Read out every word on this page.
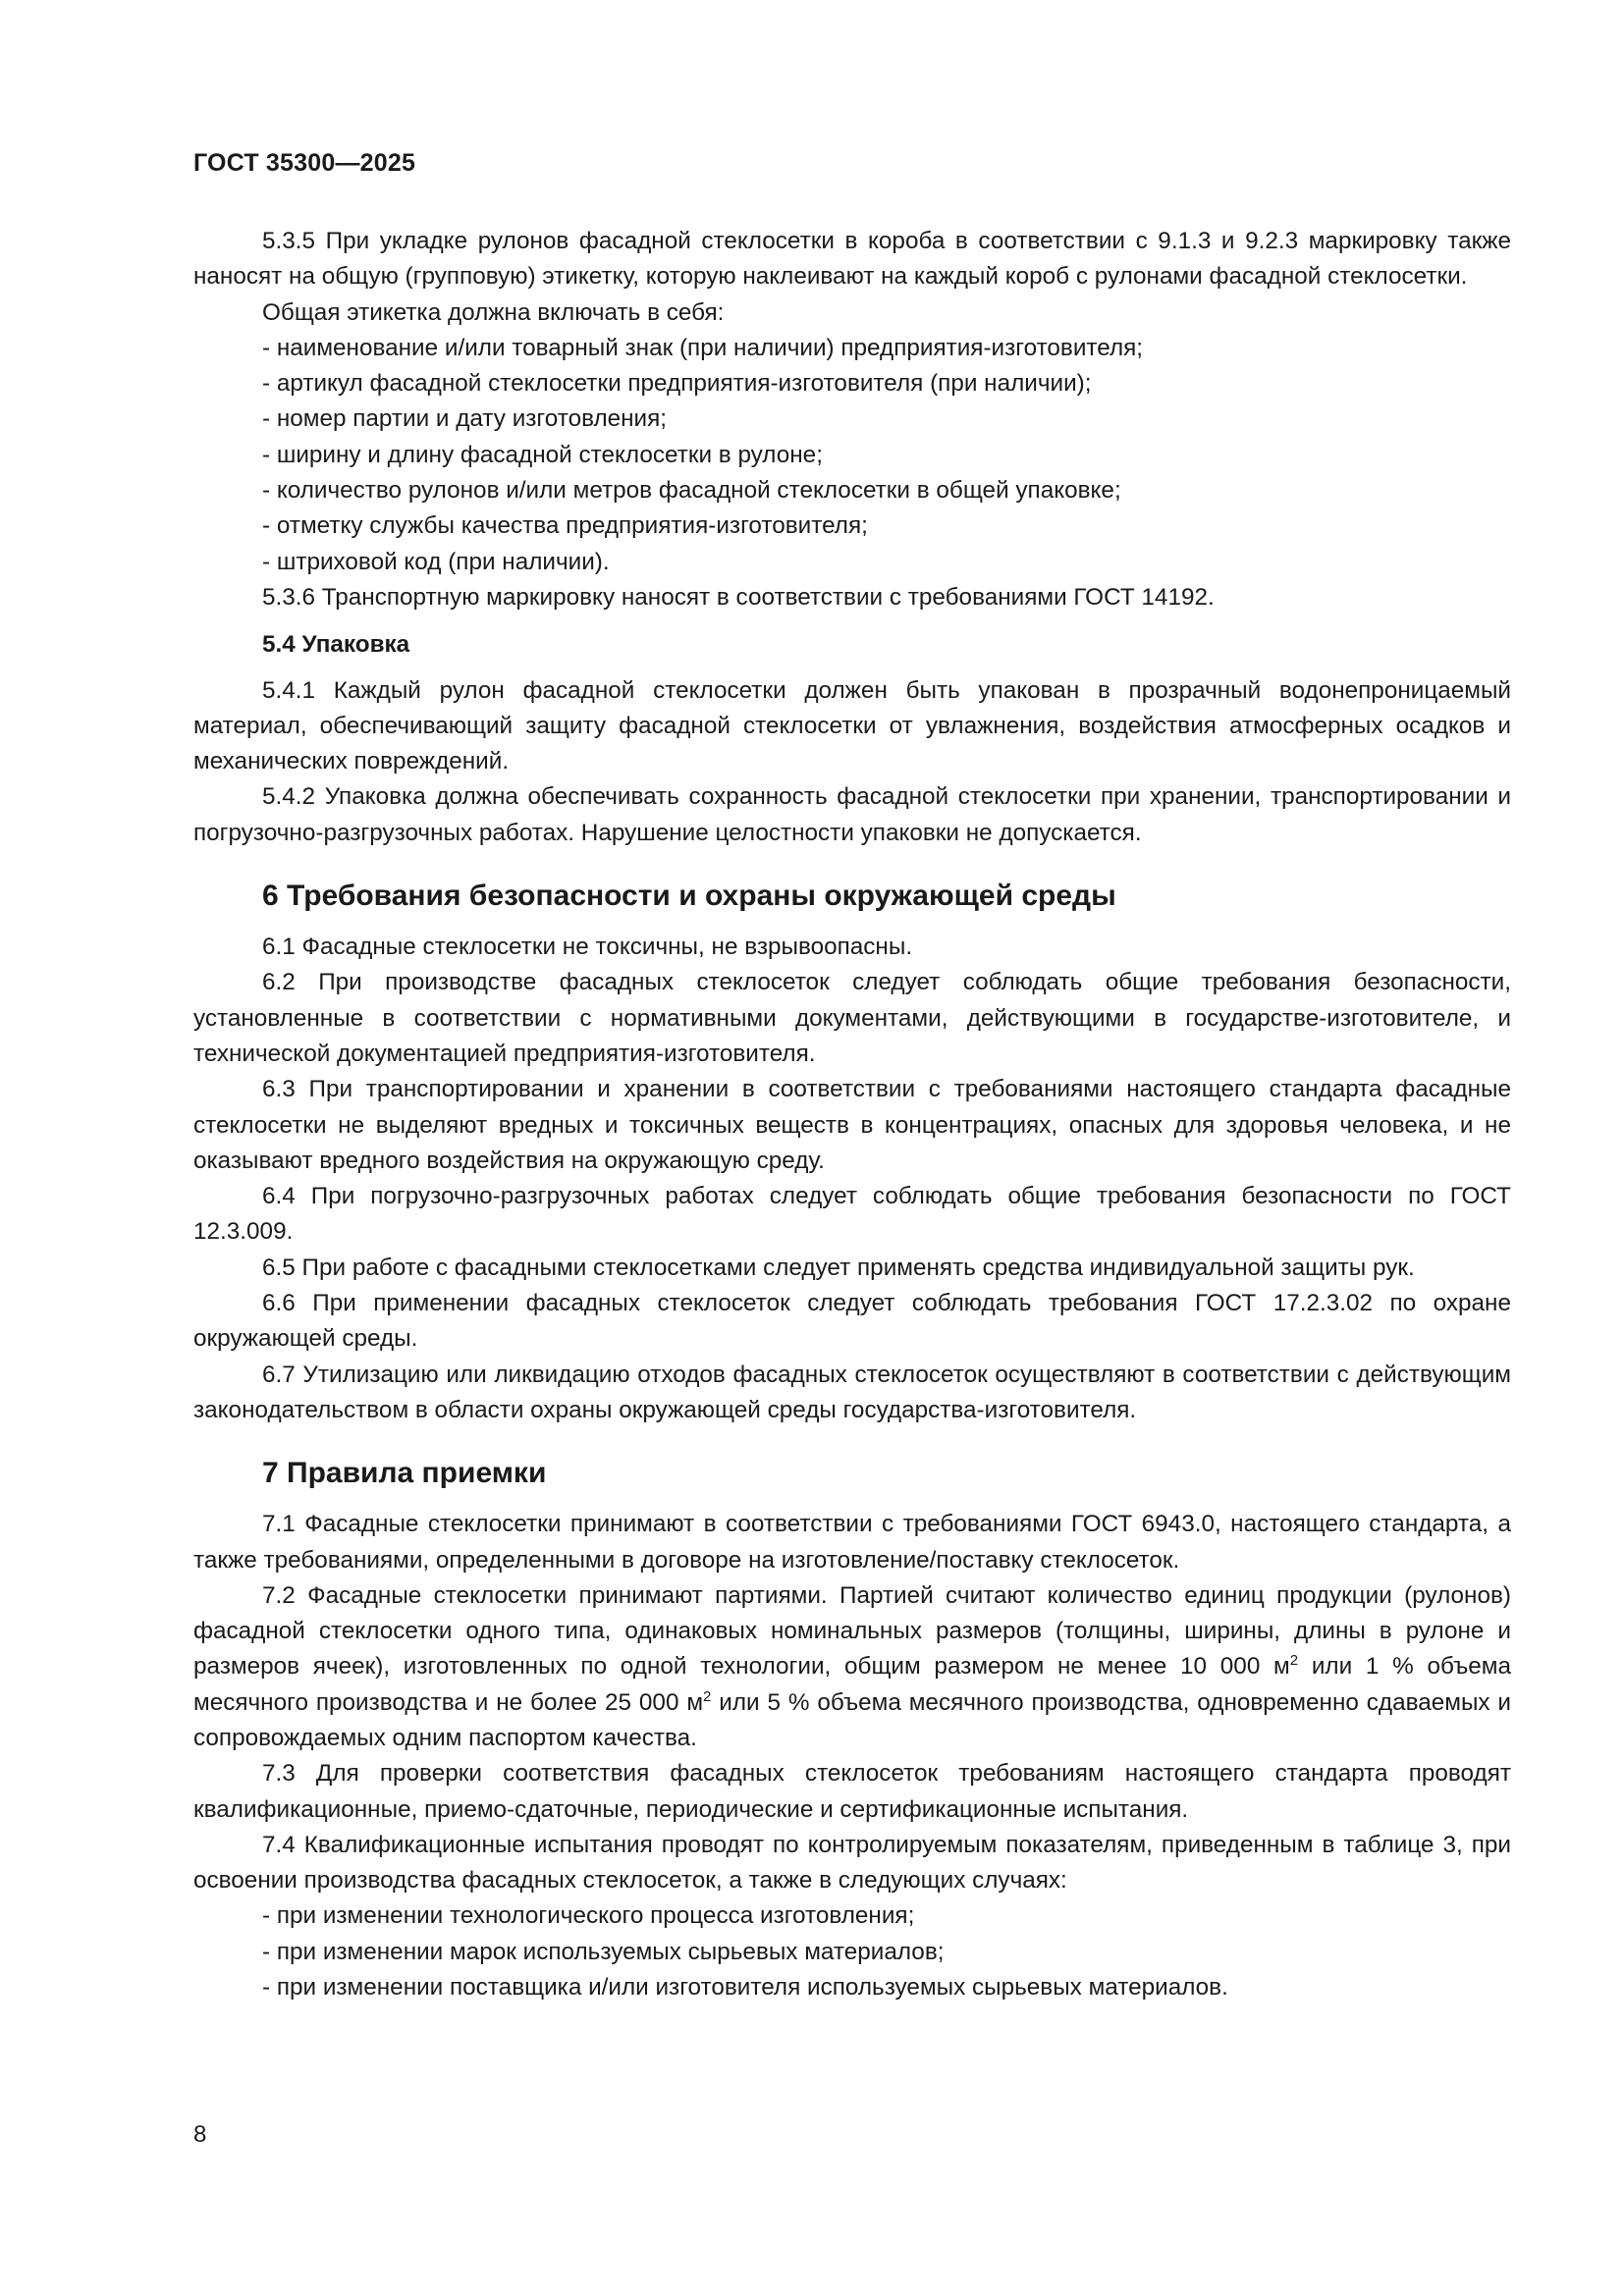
ГОСТ 35300—2025

5.3.5 При укладке рулонов фасадной стеклосетки в короба в соответствии с 9.1.3 и 9.2.3 маркировку также наносят на общую (групповую) этикетку, которую наклеивают на каждый короб с рулонами фасадной стеклосетки.

Общая этикетка должна включать в себя:

- наименование и/или товарный знак (при наличии) предприятия-изготовителя;

- артикул фасадной стеклосетки предприятия-изготовителя (при наличии);

- номер партии и дату изготовления;

- ширину и длину фасадной стеклосетки в рулоне;

- количество рулонов и/или метров фасадной стеклосетки в общей упаковке;

- отметку службы качества предприятия-изготовителя;

- штриховой код (при наличии).

5.3.6 Транспортную маркировку наносят в соответствии с требованиями ГОСТ 14192.

5.4 Упаковка

5.4.1 Каждый рулон фасадной стеклосетки должен быть упакован в прозрачный водонепроницаемый материал, обеспечивающий защиту фасадной стеклосетки от увлажнения, воздействия атмосферных осадков и механических повреждений.

5.4.2 Упаковка должна обеспечивать сохранность фасадной стеклосетки при хранении, транспортировании и погрузочно-разгрузочных работах. Нарушение целостности упаковки не допускается.

6 Требования безопасности и охраны окружающей среды

6.1 Фасадные стеклосетки не токсичны, не взрывоопасны.

6.2 При производстве фасадных стеклосеток следует соблюдать общие требования безопасности, установленные в соответствии с нормативными документами, действующими в государстве-изготовителе, и технической документацией предприятия-изготовителя.

6.3 При транспортировании и хранении в соответствии с требованиями настоящего стандарта фасадные стеклосетки не выделяют вредных и токсичных веществ в концентрациях, опасных для здоровья человека, и не оказывают вредного воздействия на окружающую среду.

6.4 При погрузочно-разгрузочных работах следует соблюдать общие требования безопасности по ГОСТ 12.3.009.

6.5 При работе с фасадными стеклосетками следует применять средства индивидуальной защиты рук.

6.6 При применении фасадных стеклосеток следует соблюдать требования ГОСТ 17.2.3.02 по охране окружающей среды.

6.7 Утилизацию или ликвидацию отходов фасадных стеклосеток осуществляют в соответствии с действующим законодательством в области охраны окружающей среды государства-изготовителя.

7 Правила приемки

7.1 Фасадные стеклосетки принимают в соответствии с требованиями ГОСТ 6943.0, настоящего стандарта, а также требованиями, определенными в договоре на изготовление/поставку стеклосеток.

7.2 Фасадные стеклосетки принимают партиями. Партией считают количество единиц продукции (рулонов) фасадной стеклосетки одного типа, одинаковых номинальных размеров (толщины, ширины, длины в рулоне и размеров ячеек), изготовленных по одной технологии, общим размером не менее 10 000 $м^2$ или 1 % объема месячного производства и не более 25 000 $м^2$ или 5 % объема месячного производства, одновременно сдаваемых и сопровождаемых одним паспортом качества.

7.3 Для проверки соответствия фасадных стеклосеток требованиям настоящего стандарта проводят квалификационные, приемо-сдаточные, периодические и сертификационные испытания.

7.4 Квалификационные испытания проводят по контролируемым показателям, приведенным в таблице 3, при освоении производства фасадных стеклосеток, а также в следующих случаях:

- при изменении технологического процесса изготовления;

- при изменении марок используемых сырьевых материалов;

- при изменении поставщика и/или изготовителя используемых сырьевых материалов.

8
